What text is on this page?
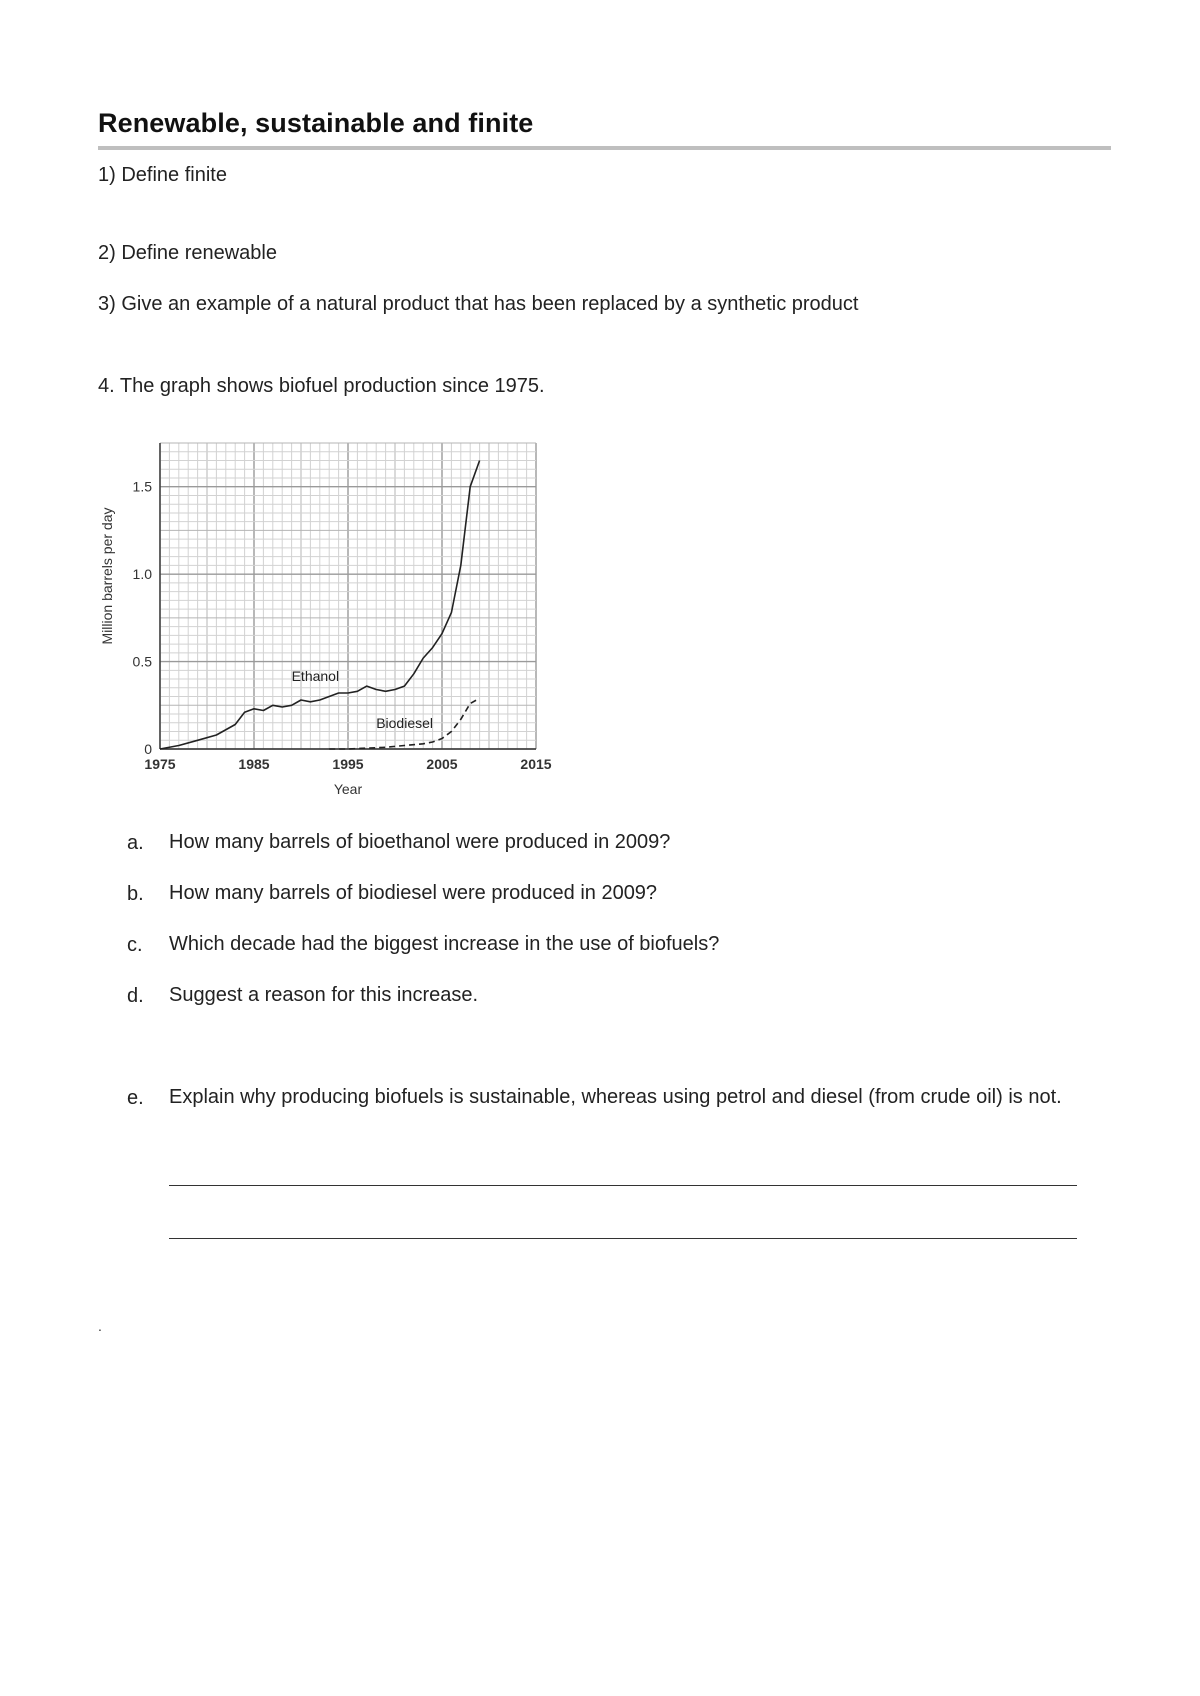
Renewable, sustainable and finite
1) Define finite
2) Define renewable
3) Give an example of a natural product that has been replaced by a synthetic product
4. The graph shows biofuel production since 1975.
1975	1985	1995	2005	2015
0
0.5
1.0
1.5
Year
Million barrels per day
Ethanol
Biodiesel
a. How many barrels of bioethanol were produced in 2009?
b. How many barrels of biodiesel were produced in 2009?
c. Which decade had the biggest increase in the use of biofuels?
d. Suggest a reason for this increase.
e. Explain why producing biofuels is sustainable, whereas using petrol and diesel (from crude oil) is not.
.
